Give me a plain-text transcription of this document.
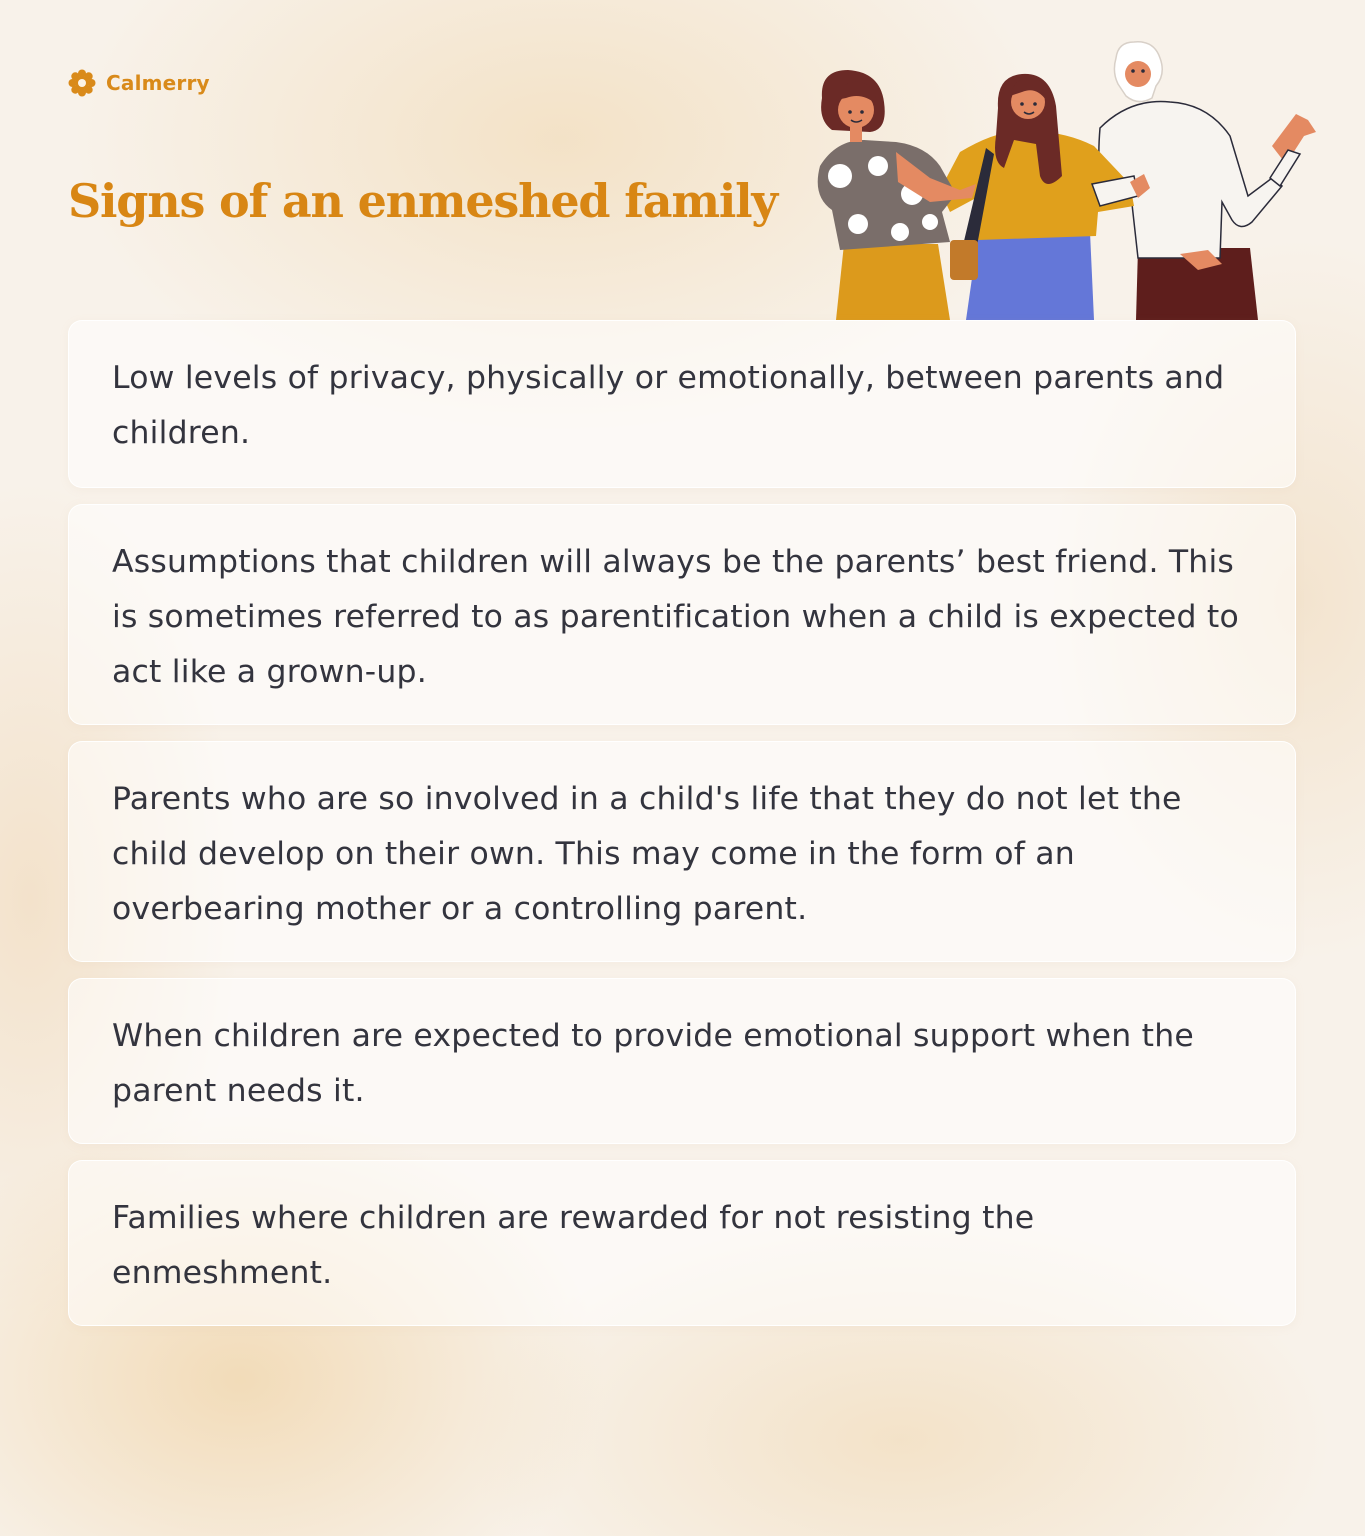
Calmerry
Signs of an enmeshed family

Low levels of privacy, physically or emotionally, between parents and children.

Assumptions that children will always be the parents’ best friend. This is sometimes referred to as parentification when a child is expected to act like a grown-up.

Parents who are so involved in a child's life that they do not let the child develop on their own. This may come in the form of an overbearing mother or a controlling parent.

When children are expected to provide emotional support when the parent needs it.

Families where children are rewarded for not resisting the enmeshment.
